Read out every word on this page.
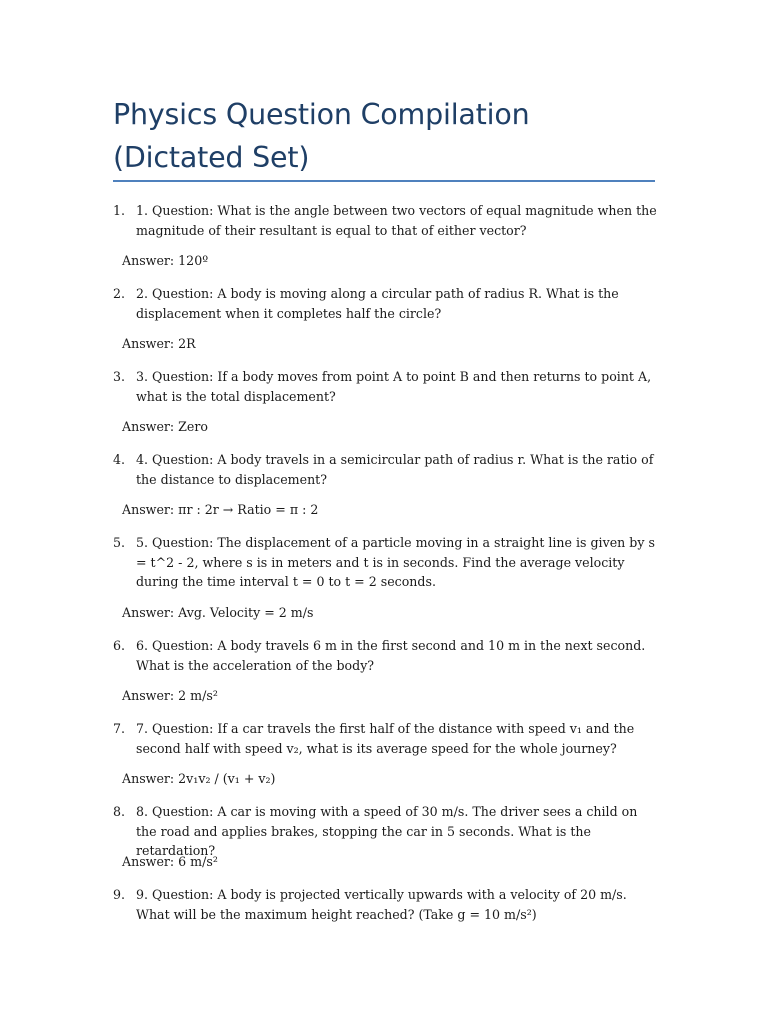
Physics Question Compilation (Dictated Set)
1. 1. Question: What is the angle between two vectors of equal magnitude when the magnitude of their resultant is equal to that of either vector?
Answer: 120º
2. 2. Question: A body is moving along a circular path of radius R. What is the displacement when it completes half the circle?
Answer: 2R
3. 3. Question: If a body moves from point A to point B and then returns to point A, what is the total displacement?
Answer: Zero
4. 4. Question: A body travels in a semicircular path of radius r. What is the ratio of the distance to displacement?
Answer: πr : 2r → Ratio = π : 2
5. 5. Question: The displacement of a particle moving in a straight line is given by s = t^2 - 2, where s is in meters and t is in seconds. Find the average velocity during the time interval t = 0 to t = 2 seconds.
Answer: Avg. Velocity = 2 m/s
6. 6. Question: A body travels 6 m in the first second and 10 m in the next second. What is the acceleration of the body?
Answer: 2 m/s²
7. 7. Question: If a car travels the first half of the distance with speed v₁ and the second half with speed v₂, what is its average speed for the whole journey?
Answer: 2v₁v₂ / (v₁ + v₂)
8. 8. Question: A car is moving with a speed of 30 m/s. The driver sees a child on the road and applies brakes, stopping the car in 5 seconds. What is the retardation?
Answer: 6 m/s²
9. 9. Question: A body is projected vertically upwards with a velocity of 20 m/s. What will be the maximum height reached? (Take g = 10 m/s²)
